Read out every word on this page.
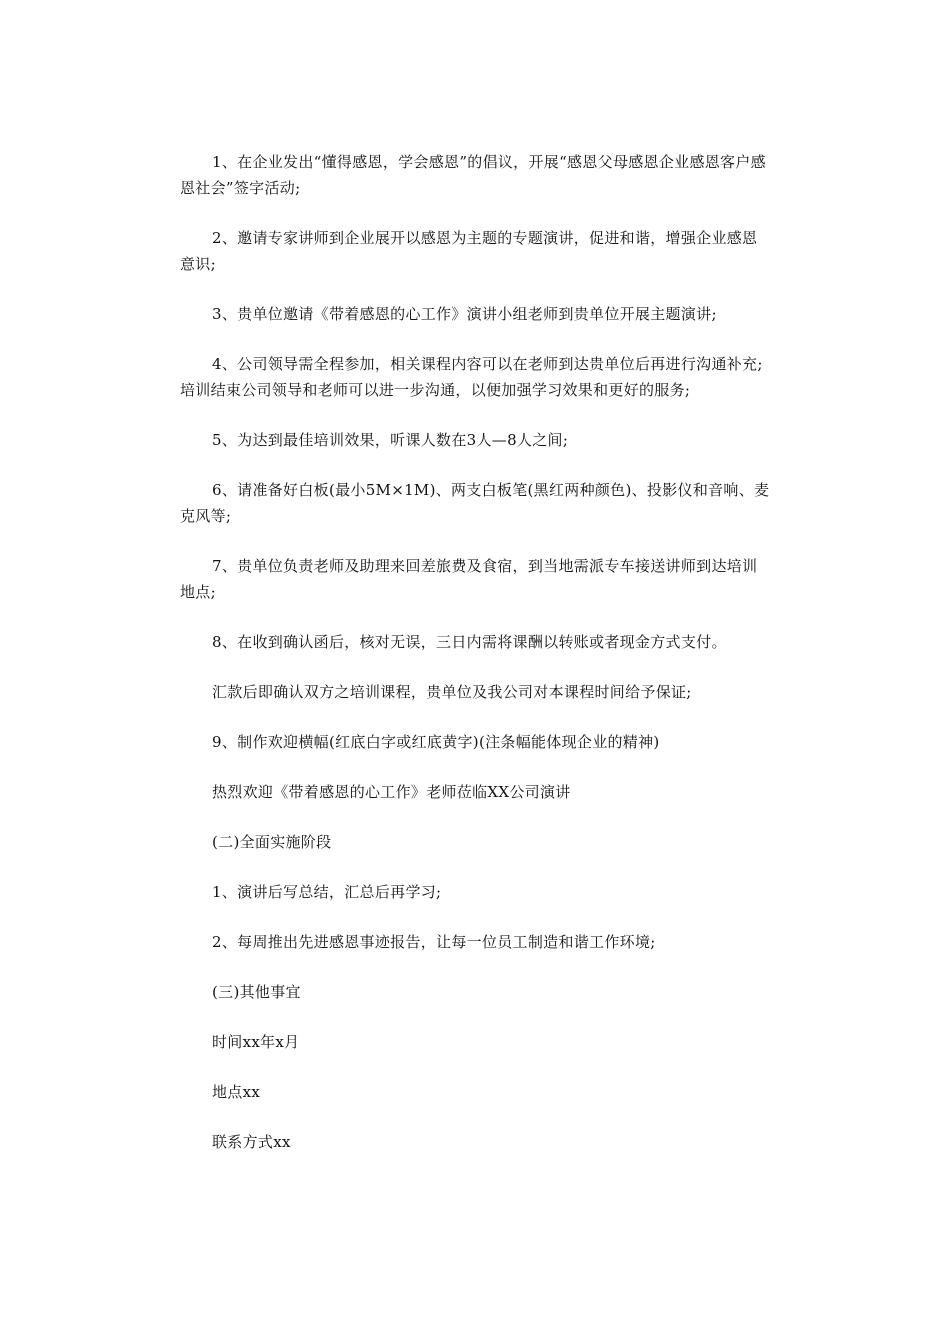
1、在企业发出“懂得感恩，学会感恩”的倡议，开展“感恩父母感恩企业感恩客户感恩社会”签字活动;

2、邀请专家讲师到企业展开以感恩为主题的专题演讲，促进和谐，增强企业感恩意识;

3、贵单位邀请《带着感恩的心工作》演讲小组老师到贵单位开展主题演讲;

4、公司领导需全程参加，相关课程内容可以在老师到达贵单位后再进行沟通补充;培训结束公司领导和老师可以进一步沟通，以便加强学习效果和更好的服务;

5、为达到最佳培训效果，听课人数在3人—8人之间;

6、请准备好白板(最小5M×1M)、两支白板笔(黑红两种颜色)、投影仪和音响、麦克风等;

7、贵单位负责老师及助理来回差旅费及食宿，到当地需派专车接送讲师到达培训地点;

8、在收到确认函后，核对无误，三日内需将课酬以转账或者现金方式支付。

汇款后即确认双方之培训课程，贵单位及我公司对本课程时间给予保证;

9、制作欢迎横幅(红底白字或红底黄字)(注条幅能体现企业的精神)

热烈欢迎《带着感恩的心工作》老师莅临XX公司演讲

(二)全面实施阶段

1、演讲后写总结，汇总后再学习;

2、每周推出先进感恩事迹报告，让每一位员工制造和谐工作环境;

(三)其他事宜

时间xx年x月

地点xx

联系方式xx
